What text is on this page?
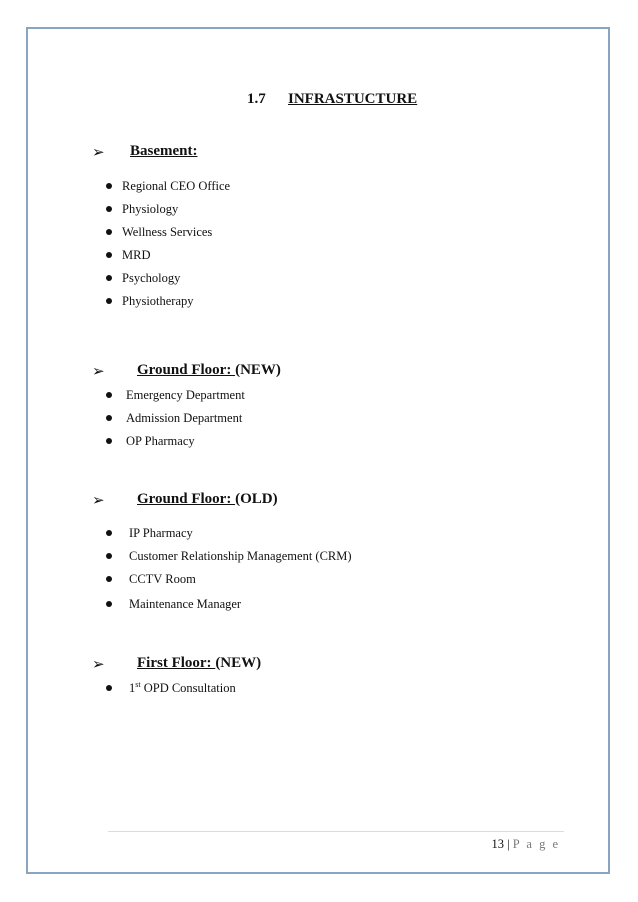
1.7 INFRASTUCTURE
➢ Basement:
Regional CEO Office
Physiology
Wellness Services
MRD
Psychology
Physiotherapy
➢ Ground Floor: (NEW)
Emergency Department
Admission Department
OP Pharmacy
➢ Ground Floor: (OLD)
IP Pharmacy
Customer Relationship Management (CRM)
CCTV Room
Maintenance Manager
➢ First Floor: (NEW)
1st OPD Consultation
13 | P a g e
